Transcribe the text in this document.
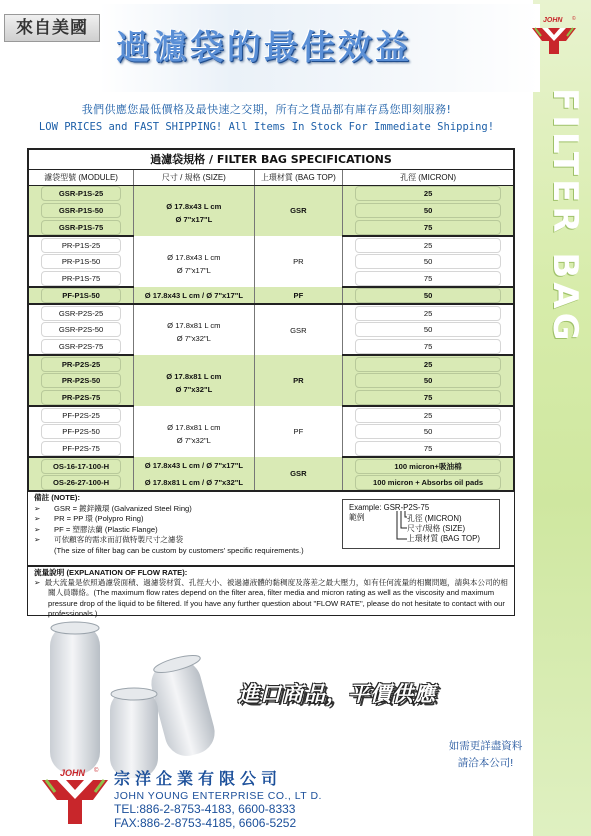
FILTER BAG
來自美國 過濾袋的最佳效益
JOHN ©
我們供應您最低價格及最快速之交期，所有之貨品都有庫存爲您即刻服務!
LOW PRICES and FAST SHIPPING! All Items In Stock For Immediate Shipping!
過濾袋規格 / FILTER BAG SPECIFICATIONS			
濾袋型號 (MODULE)	尺寸 / 規格 (SIZE)	上環材質 (BAG TOP)	孔徑 (MICRON)

GSR-P1S-25	Ø 17.8x43 L cm
Ø 7"x17"L	GSR	25

GSR-P1S-50			50

GSR-P1S-75			75

PR-P1S-25	Ø 17.8x43 L cm
Ø 7"x17"L	PR	25

PR-P1S-50			50

PR-P1S-75			75

PF-P1S-50	Ø 17.8x43 L cm / Ø 7"x17"L	PF	50

GSR-P2S-25	Ø 17.8x81 L cm
Ø 7"x32"L	GSR	25

GSR-P2S-50			50

GSR-P2S-75			75

PR-P2S-25	Ø 17.8x81 L cm
Ø 7"x32"L	PR	25

PR-P2S-50			50

PR-P2S-75			75

PF-P2S-25	Ø 17.8x81 L cm
Ø 7"x32"L	PF	25

PF-P2S-50			50

PF-P2S-75			75

OS-16-17-100-H	Ø 17.8x43 L cm / Ø 7"x17"L	GSR	100 micron+吸油棉

OS-26-27-100-H	Ø 17.8x81 L cm / Ø 7"x32"L		100 micron + Absorbs oil pads
備註 (NOTE):
➢ GSR = 鍍鋅鐵環 (Galvanized Steel Ring)
➢ PR = PP 環 (Polypro Ring)
➢ PF = 塑膠法蘭 (Plastic Flange)
➢ 可依顧客的需求而訂做特製尺寸之濾袋
(The size of filter bag can be custom by customers' specific requirements.)
Example: GSR-P2S-75
範例	孔徑 (MICRON)
尺寸/規格 (SIZE)
上環材質 (BAG TOP)
流量說明 (EXPLANATION OF FLOW RATE):

➢  最大流量是依照過濾袋面積、過濾袋材質、孔徑大小、被過濾液體的黏稠度及落差之最大壓力，如有任何流量的相關問題，請與本公司的相關人員聯絡。(The maximum flow rates depend on the filter area, filter media and micron rating as well as the viscosity and maximum pressure drop of the liquid to be filtered. If you have any further question about "FLOW RATE", please do not hesitate to contact with our professionals.)

進口商品，平價供應
如需更詳盡資料
請洽本公司!
JOHN © 宗洋企業有限公司
JOHN YOUNG ENTERPRISE CO., LT D.
TEL:886-2-8753-4183, 6600-8333
FAX:886-2-8753-4185, 6606-5252
